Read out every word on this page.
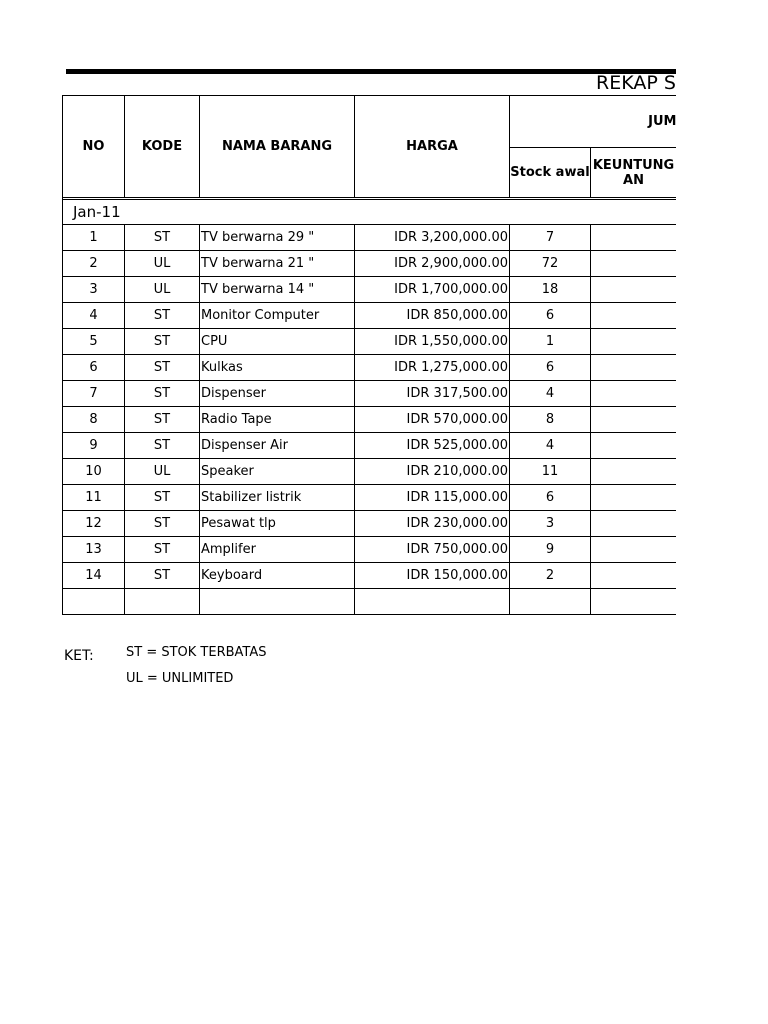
REKAP S
NO	KODE	NAMA BARANG	HARGA	JUM	
				Stock awal	KEUNTUNG
AN

Jan-11					
1	ST	TV berwarna 29 "	IDR 3,200,000.00	7	
2	UL	TV berwarna 21 "	IDR 2,900,000.00	72	
3	UL	TV berwarna 14 "	IDR 1,700,000.00	18	
4	ST	Monitor Computer	IDR 850,000.00	6	
5	ST	CPU	IDR 1,550,000.00	1	
6	ST	Kulkas	IDR 1,275,000.00	6	
7	ST	Dispenser	IDR 317,500.00	4	
8	ST	Radio Tape	IDR 570,000.00	8	
9	ST	Dispenser Air	IDR 525,000.00	4	
10	UL	Speaker	IDR 210,000.00	11	
11	ST	Stabilizer listrik	IDR 115,000.00	6	
12	ST	Pesawat tlp	IDR 230,000.00	3	
13	ST	Amplifer	IDR 750,000.00	9	
14	ST	Keyboard	IDR 150,000.00	2	

KET: ST = STOK TERBATAS
UL = UNLIMITED
